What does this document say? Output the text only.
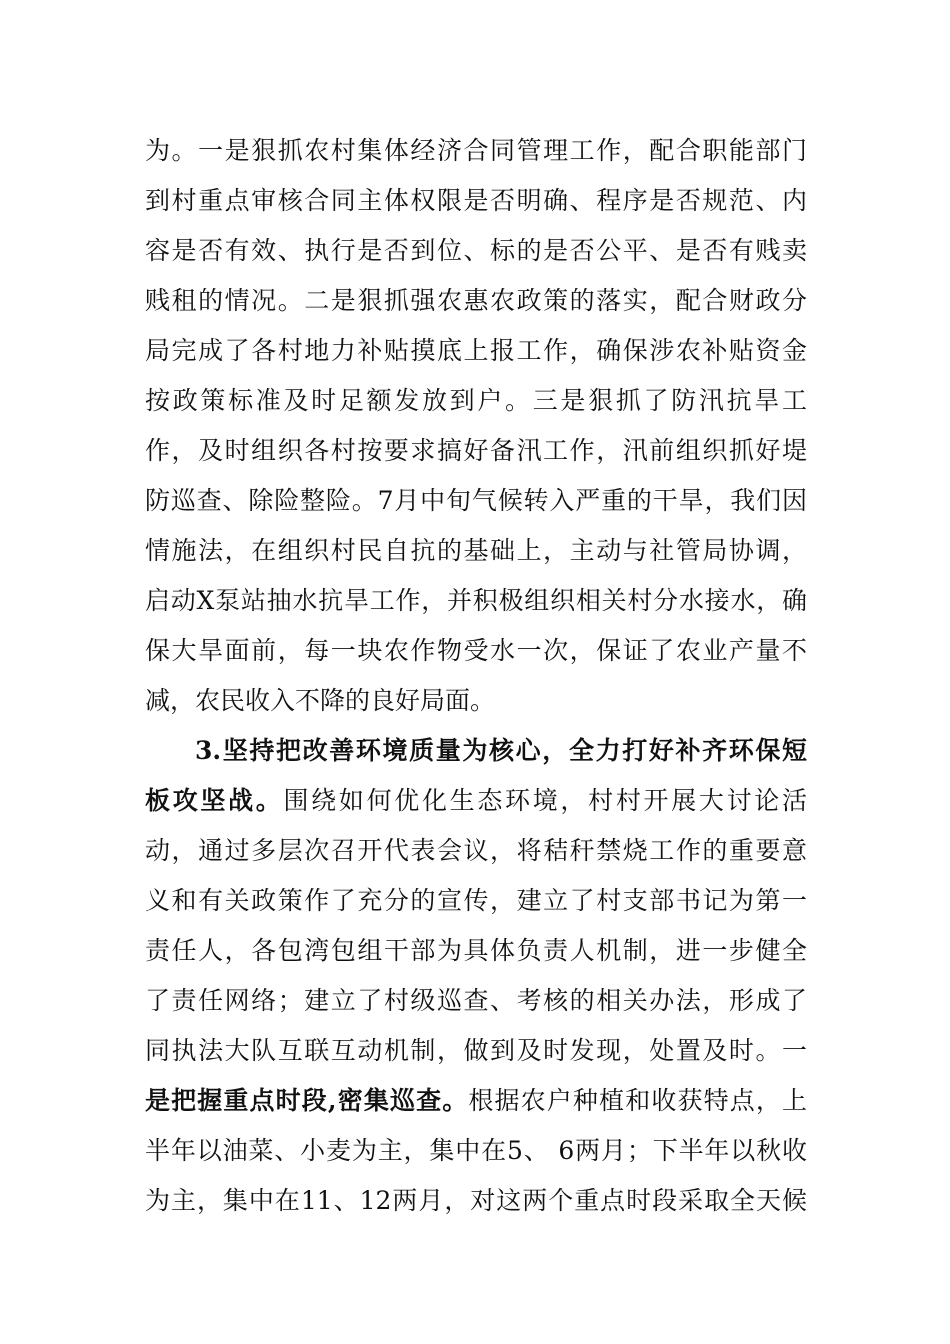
为。一是狠抓农村集体经济合同管理工作，配合职能部门
到村重点审核合同主体权限是否明确、程序是否规范、内
容是否有效、执行是否到位、标的是否公平、是否有贱卖
贱租的情况。二是狠抓强农惠农政策的落实，配合财政分
局完成了各村地力补贴摸底上报工作，确保涉农补贴资金
按政策标准及时足额发放到户。三是狠抓了防汛抗旱工
作，及时组织各村按要求搞好备汛工作，汛前组织抓好堤
防巡查、除险整险。7月中旬气候转入严重的干旱，我们因
情施法，在组织村民自抗的基础上，主动与社管局协调，
启动X泵站抽水抗旱工作，并积极组织相关村分水接水，确
保大旱面前，每一块农作物受水一次，保证了农业产量不
减，农民收入不降的良好局面。
3.坚持把改善环境质量为核心，全力打好补齐环保短
板攻坚战。围绕如何优化生态环境，村村开展大讨论活
动，通过多层次召开代表会议，将秸秆禁烧工作的重要意
义和有关政策作了充分的宣传，建立了村支部书记为第一
责任人，各包湾包组干部为具体负责人机制，进一步健全
了责任网络；建立了村级巡查、考核的相关办法，形成了
同执法大队互联互动机制，做到及时发现，处置及时。一
是把握重点时段,密集巡查。根据农户种植和收获特点，上
半年以油菜、小麦为主，集中在5、 6两月；下半年以秋收
为主，集中在11、12两月，对这两个重点时段采取全天候
